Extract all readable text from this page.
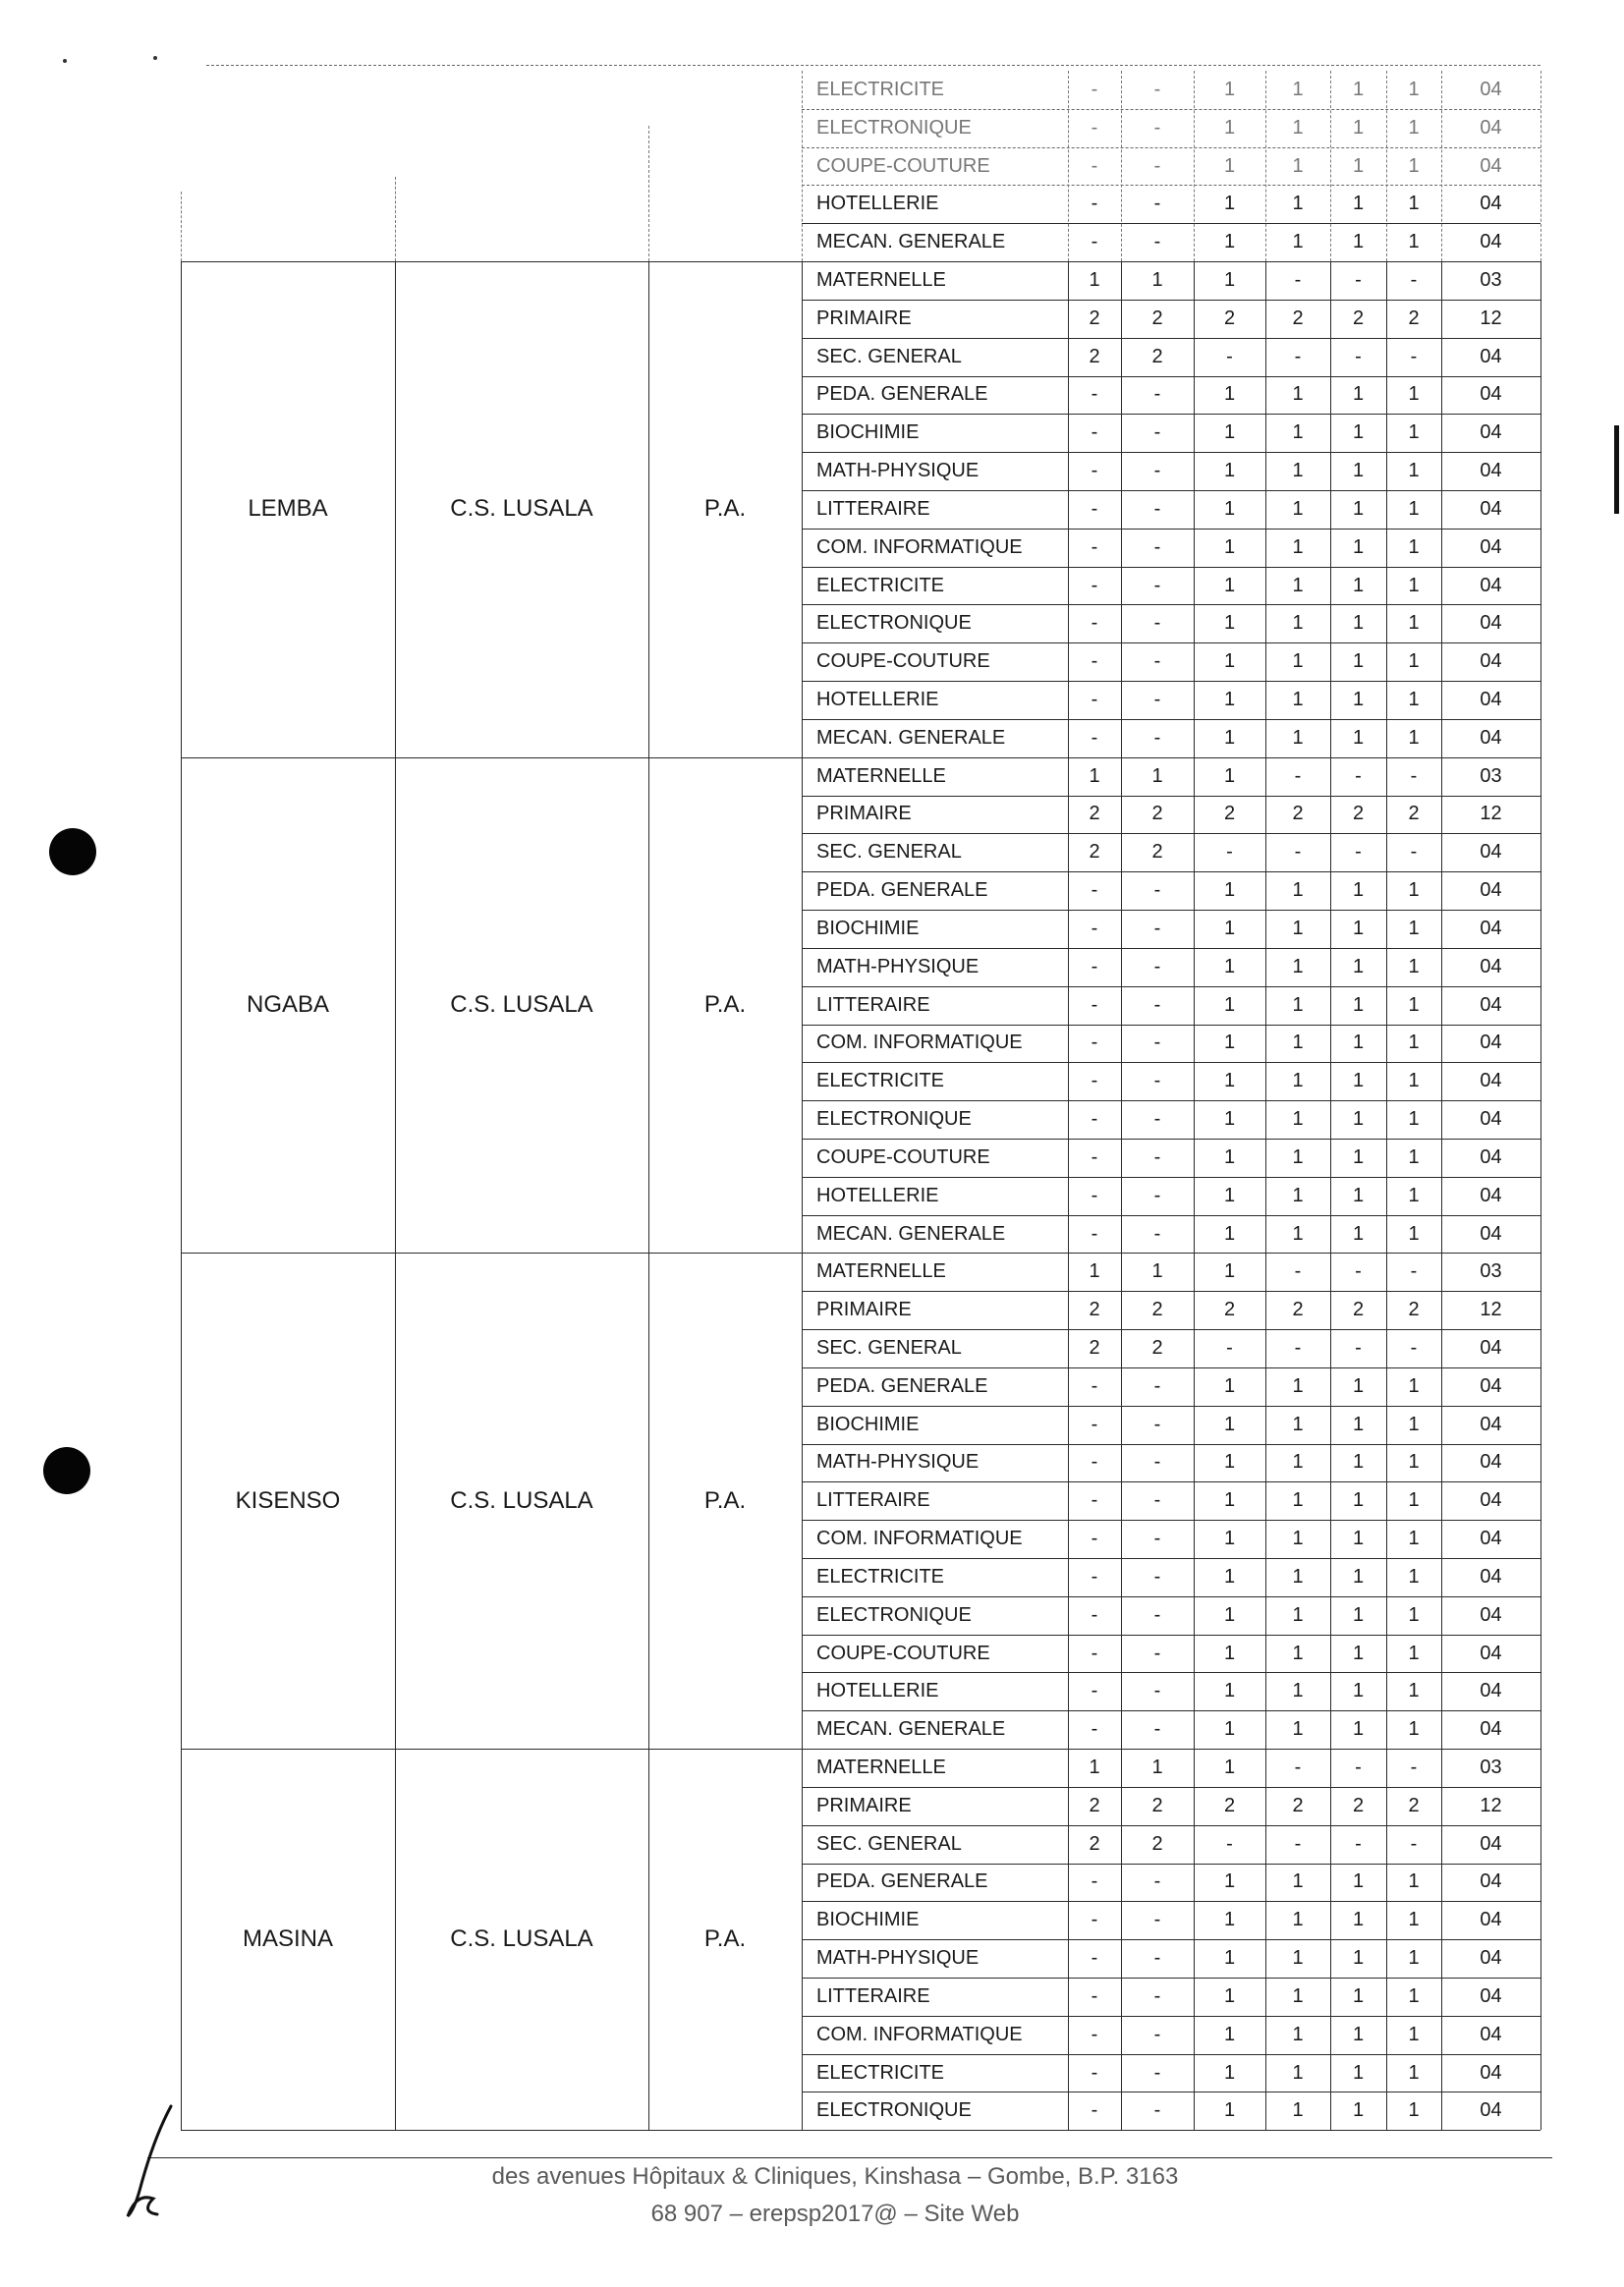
ELECTRICITE	-	-	1	1	1	1	04
ELECTRONIQUE	-	-	1	1	1	1	04
COUPE-COUTURE	-	-	1	1	1	1	04
HOTELLERIE	-	-	1	1	1	1	04
MECAN. GENERALE	-	-	1	1	1	1	04
LEMBA	C.S. LUSALA	P.A.
MATERNELLE	1	1	1	-	-	-	03
PRIMAIRE	2	2	2	2	2	2	12
SEC. GENERAL	2	2	-	-	-	-	04
PEDA. GENERALE	-	-	1	1	1	1	04
BIOCHIMIE	-	-	1	1	1	1	04
MATH-PHYSIQUE	-	-	1	1	1	1	04
LITTERAIRE	-	-	1	1	1	1	04
COM. INFORMATIQUE	-	-	1	1	1	1	04
ELECTRICITE	-	-	1	1	1	1	04
ELECTRONIQUE	-	-	1	1	1	1	04
COUPE-COUTURE	-	-	1	1	1	1	04
HOTELLERIE	-	-	1	1	1	1	04
MECAN. GENERALE	-	-	1	1	1	1	04
NGABA	C.S. LUSALA	P.A.
MATERNELLE	1	1	1	-	-	-	03
PRIMAIRE	2	2	2	2	2	2	12
SEC. GENERAL	2	2	-	-	-	-	04
PEDA. GENERALE	-	-	1	1	1	1	04
BIOCHIMIE	-	-	1	1	1	1	04
MATH-PHYSIQUE	-	-	1	1	1	1	04
LITTERAIRE	-	-	1	1	1	1	04
COM. INFORMATIQUE	-	-	1	1	1	1	04
ELECTRICITE	-	-	1	1	1	1	04
ELECTRONIQUE	-	-	1	1	1	1	04
COUPE-COUTURE	-	-	1	1	1	1	04
HOTELLERIE	-	-	1	1	1	1	04
MECAN. GENERALE	-	-	1	1	1	1	04
KISENSO	C.S. LUSALA	P.A.
MATERNELLE	1	1	1	-	-	-	03
PRIMAIRE	2	2	2	2	2	2	12
SEC. GENERAL	2	2	-	-	-	-	04
PEDA. GENERALE	-	-	1	1	1	1	04
BIOCHIMIE	-	-	1	1	1	1	04
MATH-PHYSIQUE	-	-	1	1	1	1	04
LITTERAIRE	-	-	1	1	1	1	04
COM. INFORMATIQUE	-	-	1	1	1	1	04
ELECTRICITE	-	-	1	1	1	1	04
ELECTRONIQUE	-	-	1	1	1	1	04
COUPE-COUTURE	-	-	1	1	1	1	04
HOTELLERIE	-	-	1	1	1	1	04
MECAN. GENERALE	-	-	1	1	1	1	04
MASINA	C.S. LUSALA	P.A.
MATERNELLE	1	1	1	-	-	-	03
PRIMAIRE	2	2	2	2	2	2	12
SEC. GENERAL	2	2	-	-	-	-	04
PEDA. GENERALE	-	-	1	1	1	1	04
BIOCHIMIE	-	-	1	1	1	1	04
MATH-PHYSIQUE	-	-	1	1	1	1	04
LITTERAIRE	-	-	1	1	1	1	04
COM. INFORMATIQUE	-	-	1	1	1	1	04
ELECTRICITE	-	-	1	1	1	1	04
ELECTRONIQUE	-	-	1	1	1	1	04
des avenues Hôpitaux & Cliniques, Kinshasa – Gombe, B.P. 3163
68 907 – erepsp2017@ – Site Web
